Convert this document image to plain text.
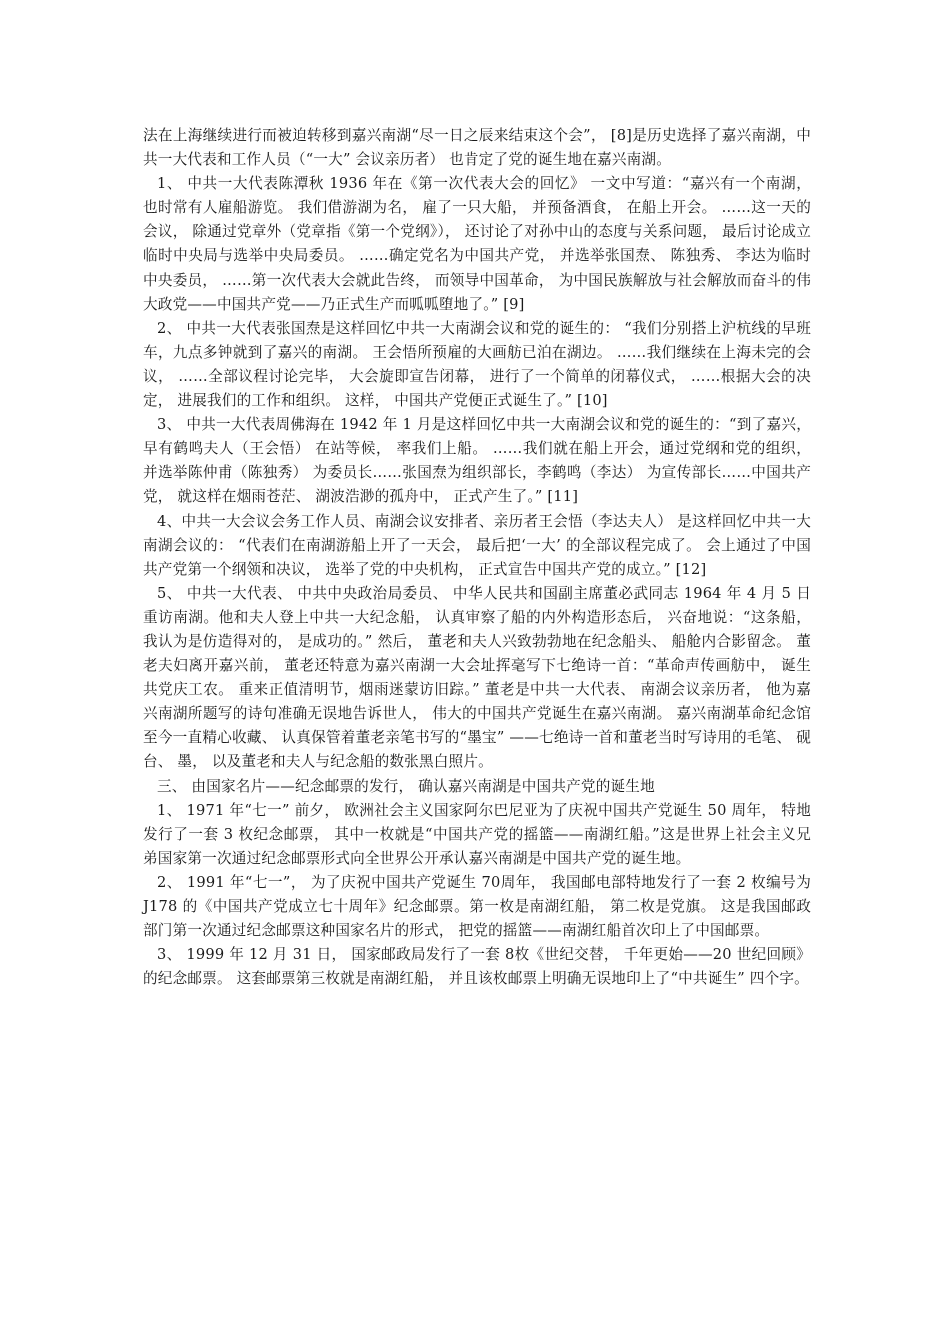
法在上海继续进行而被迫转移到嘉兴南湖“尽一日之辰来结束这个会”， [8]是历史选择了嘉兴南湖，中共一大代表和工作人员（“一大” 会议亲历者） 也肯定了党的诞生地在嘉兴南湖。

1、 中共一大代表陈潭秋 1936 年在《第一次代表大会的回忆》 一文中写道：“嘉兴有一个南湖， 也时常有人雇船游览。 我们借游湖为名， 雇了一只大船， 并预备酒食， 在船上开会。 ……这一天的会议， 除通过党章外（党章指《第一个党纲》）， 还讨论了对孙中山的态度与关系问题， 最后讨论成立临时中央局与选举中央局委员。 ……确定党名为中国共产党， 并选举张国焘、 陈独秀、 李达为临时中央委员， ……第一次代表大会就此告终， 而领导中国革命， 为中国民族解放与社会解放而奋斗的伟大政党——中国共产党——乃正式生产而呱呱堕地了。” [9]

2、 中共一大代表张国焘是这样回忆中共一大南湖会议和党的诞生的： “我们分别搭上沪杭线的早班车，九点多钟就到了嘉兴的南湖。 王会悟所预雇的大画舫已泊在湖边。 ……我们继续在上海未完的会议， ……全部议程讨论完毕， 大会旋即宣告闭幕， 进行了一个简单的闭幕仪式， ……根据大会的决定， 进展我们的工作和组织。 这样， 中国共产党便正式诞生了。” [10]

3、 中共一大代表周佛海在 1942 年 1 月是这样回忆中共一大南湖会议和党的诞生的：“到了嘉兴， 早有鹤鸣夫人（王会悟） 在站等候， 率我们上船。 ……我们就在船上开会，通过党纲和党的组织， 并选举陈仲甫（陈独秀） 为委员长……张国焘为组织部长，李鹤鸣（李达） 为宣传部长……中国共产党， 就这样在烟雨苍茫、 湖波浩渺的孤舟中， 正式产生了。” [11]

4、中共一大会议会务工作人员、南湖会议安排者、亲历者王会悟（李达夫人） 是这样回忆中共一大南湖会议的： “代表们在南湖游船上开了一天会， 最后把‘一大’ 的全部议程完成了。 会上通过了中国共产党第一个纲领和决议， 选举了党的中央机构， 正式宣告中国共产党的成立。” [12]

5、 中共一大代表、 中共中央政治局委员、 中华人民共和国副主席董必武同志 1964 年 4 月 5 日重访南湖。他和夫人登上中共一大纪念船， 认真审察了船的内外构造形态后， 兴奋地说：“这条船， 我认为是仿造得对的， 是成功的。” 然后， 董老和夫人兴致勃勃地在纪念船头、 船舱内合影留念。 董老夫妇离开嘉兴前， 董老还特意为嘉兴南湖一大会址挥毫写下七绝诗一首：“革命声传画舫中， 诞生共党庆工农。 重来正值清明节，烟雨迷蒙访旧踪。” 董老是中共一大代表、 南湖会议亲历者， 他为嘉兴南湖所题写的诗句准确无误地告诉世人， 伟大的中国共产党诞生在嘉兴南湖。 嘉兴南湖革命纪念馆至今一直精心收藏、 认真保管着董老亲笔书写的“墨宝” ——七绝诗一首和董老当时写诗用的毛笔、 砚台、 墨， 以及董老和夫人与纪念船的数张黑白照片。

三、 由国家名片——纪念邮票的发行， 确认嘉兴南湖是中国共产党的诞生地

1、 1971 年“七一” 前夕， 欧洲社会主义国家阿尔巴尼亚为了庆祝中国共产党诞生 50 周年， 特地发行了一套 3 枚纪念邮票， 其中一枚就是“中国共产党的摇篮——南湖红船。”这是世界上社会主义兄弟国家第一次通过纪念邮票形式向全世界公开承认嘉兴南湖是中国共产党的诞生地。

2、 1991 年“七一”， 为了庆祝中国共产党诞生 70周年， 我国邮电部特地发行了一套 2 枚编号为J178 的《中国共产党成立七十周年》纪念邮票。第一枚是南湖红船， 第二枚是党旗。 这是我国邮政部门第一次通过纪念邮票这种国家名片的形式， 把党的摇篮——南湖红船首次印上了中国邮票。

3、 1999 年 12 月 31 日， 国家邮政局发行了一套 8枚《世纪交替， 千年更始——20 世纪回顾》 的纪念邮票。 这套邮票第三枚就是南湖红船， 并且该枚邮票上明确无误地印上了“中共诞生” 四个字。
